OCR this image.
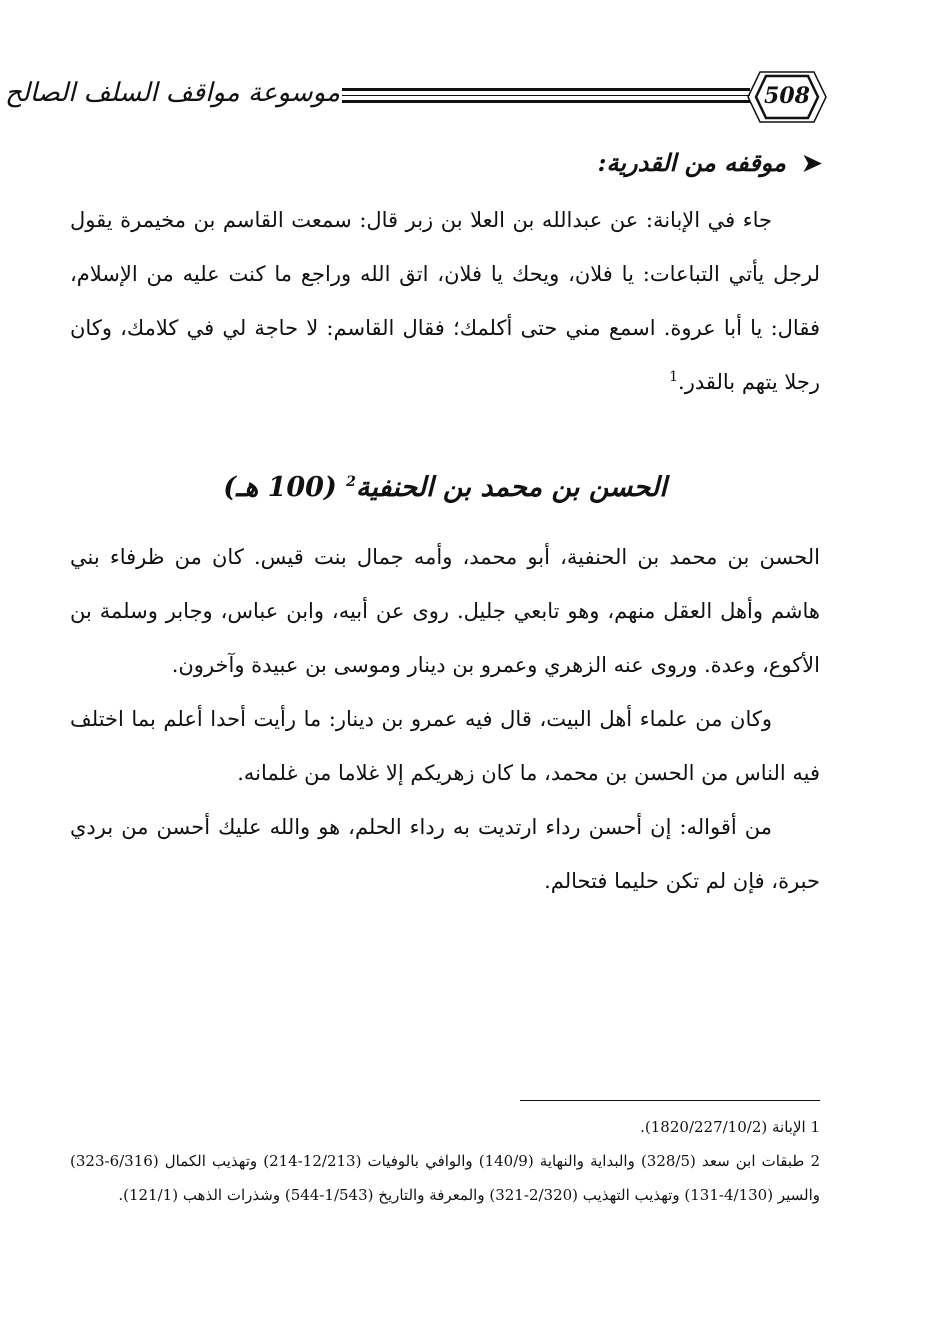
موسوعة مواقف السلف الصالح	508
➤موقفه من القدرية:

جاء في الإبانة: عن عبدالله بن العلا بن زبر قال: سمعت القاسم بن مخيمرة يقول لرجل يأتي التباعات: يا فلان، ويحك يا فلان، اتق الله وراجع ما كنت عليه من الإسلام، فقال: يا أبا عروة. اسمع مني حتى أكلمك؛ فقال القاسم: لا حاجة لي في كلامك، وكان رجلا يتهم بالقدر.$^1$

الحسن بن محمد بن الحنفية$^2$ (100 هـ)

الحسن بن محمد بن الحنفية، أبو محمد، وأمه جمال بنت قيس. كان من ظرفاء بني هاشم وأهل العقل منهم، وهو تابعي جليل. روى عن أبيه، وابن عباس، وجابر وسلمة بن الأكوع، وعدة. وروى عنه الزهري وعمرو بن دينار وموسى بن عبيدة وآخرون.

وكان من علماء أهل البيت، قال فيه عمرو بن دينار: ما رأيت أحدا أعلم بما اختلف فيه الناس من الحسن بن محمد، ما كان زهريكم إلا غلاما من غلمانه.

من أقواله: إن أحسن رداء ارتديت به رداء الحلم، هو والله عليك أحسن من بردي حبرة، فإن لم تكن حليما فتحالم.

1 الإبانة (1820/227/10/2).

2 طبقات ابن سعد (328/5) والبداية والنهاية (140/9) والوافي بالوفيات (12/213-214) وتهذيب الكمال (6/316-323) والسير (4/130-131) وتهذيب التهذيب (2/320-321) والمعرفة والتاريخ (1/543-544) وشذرات الذهب (121/1).
